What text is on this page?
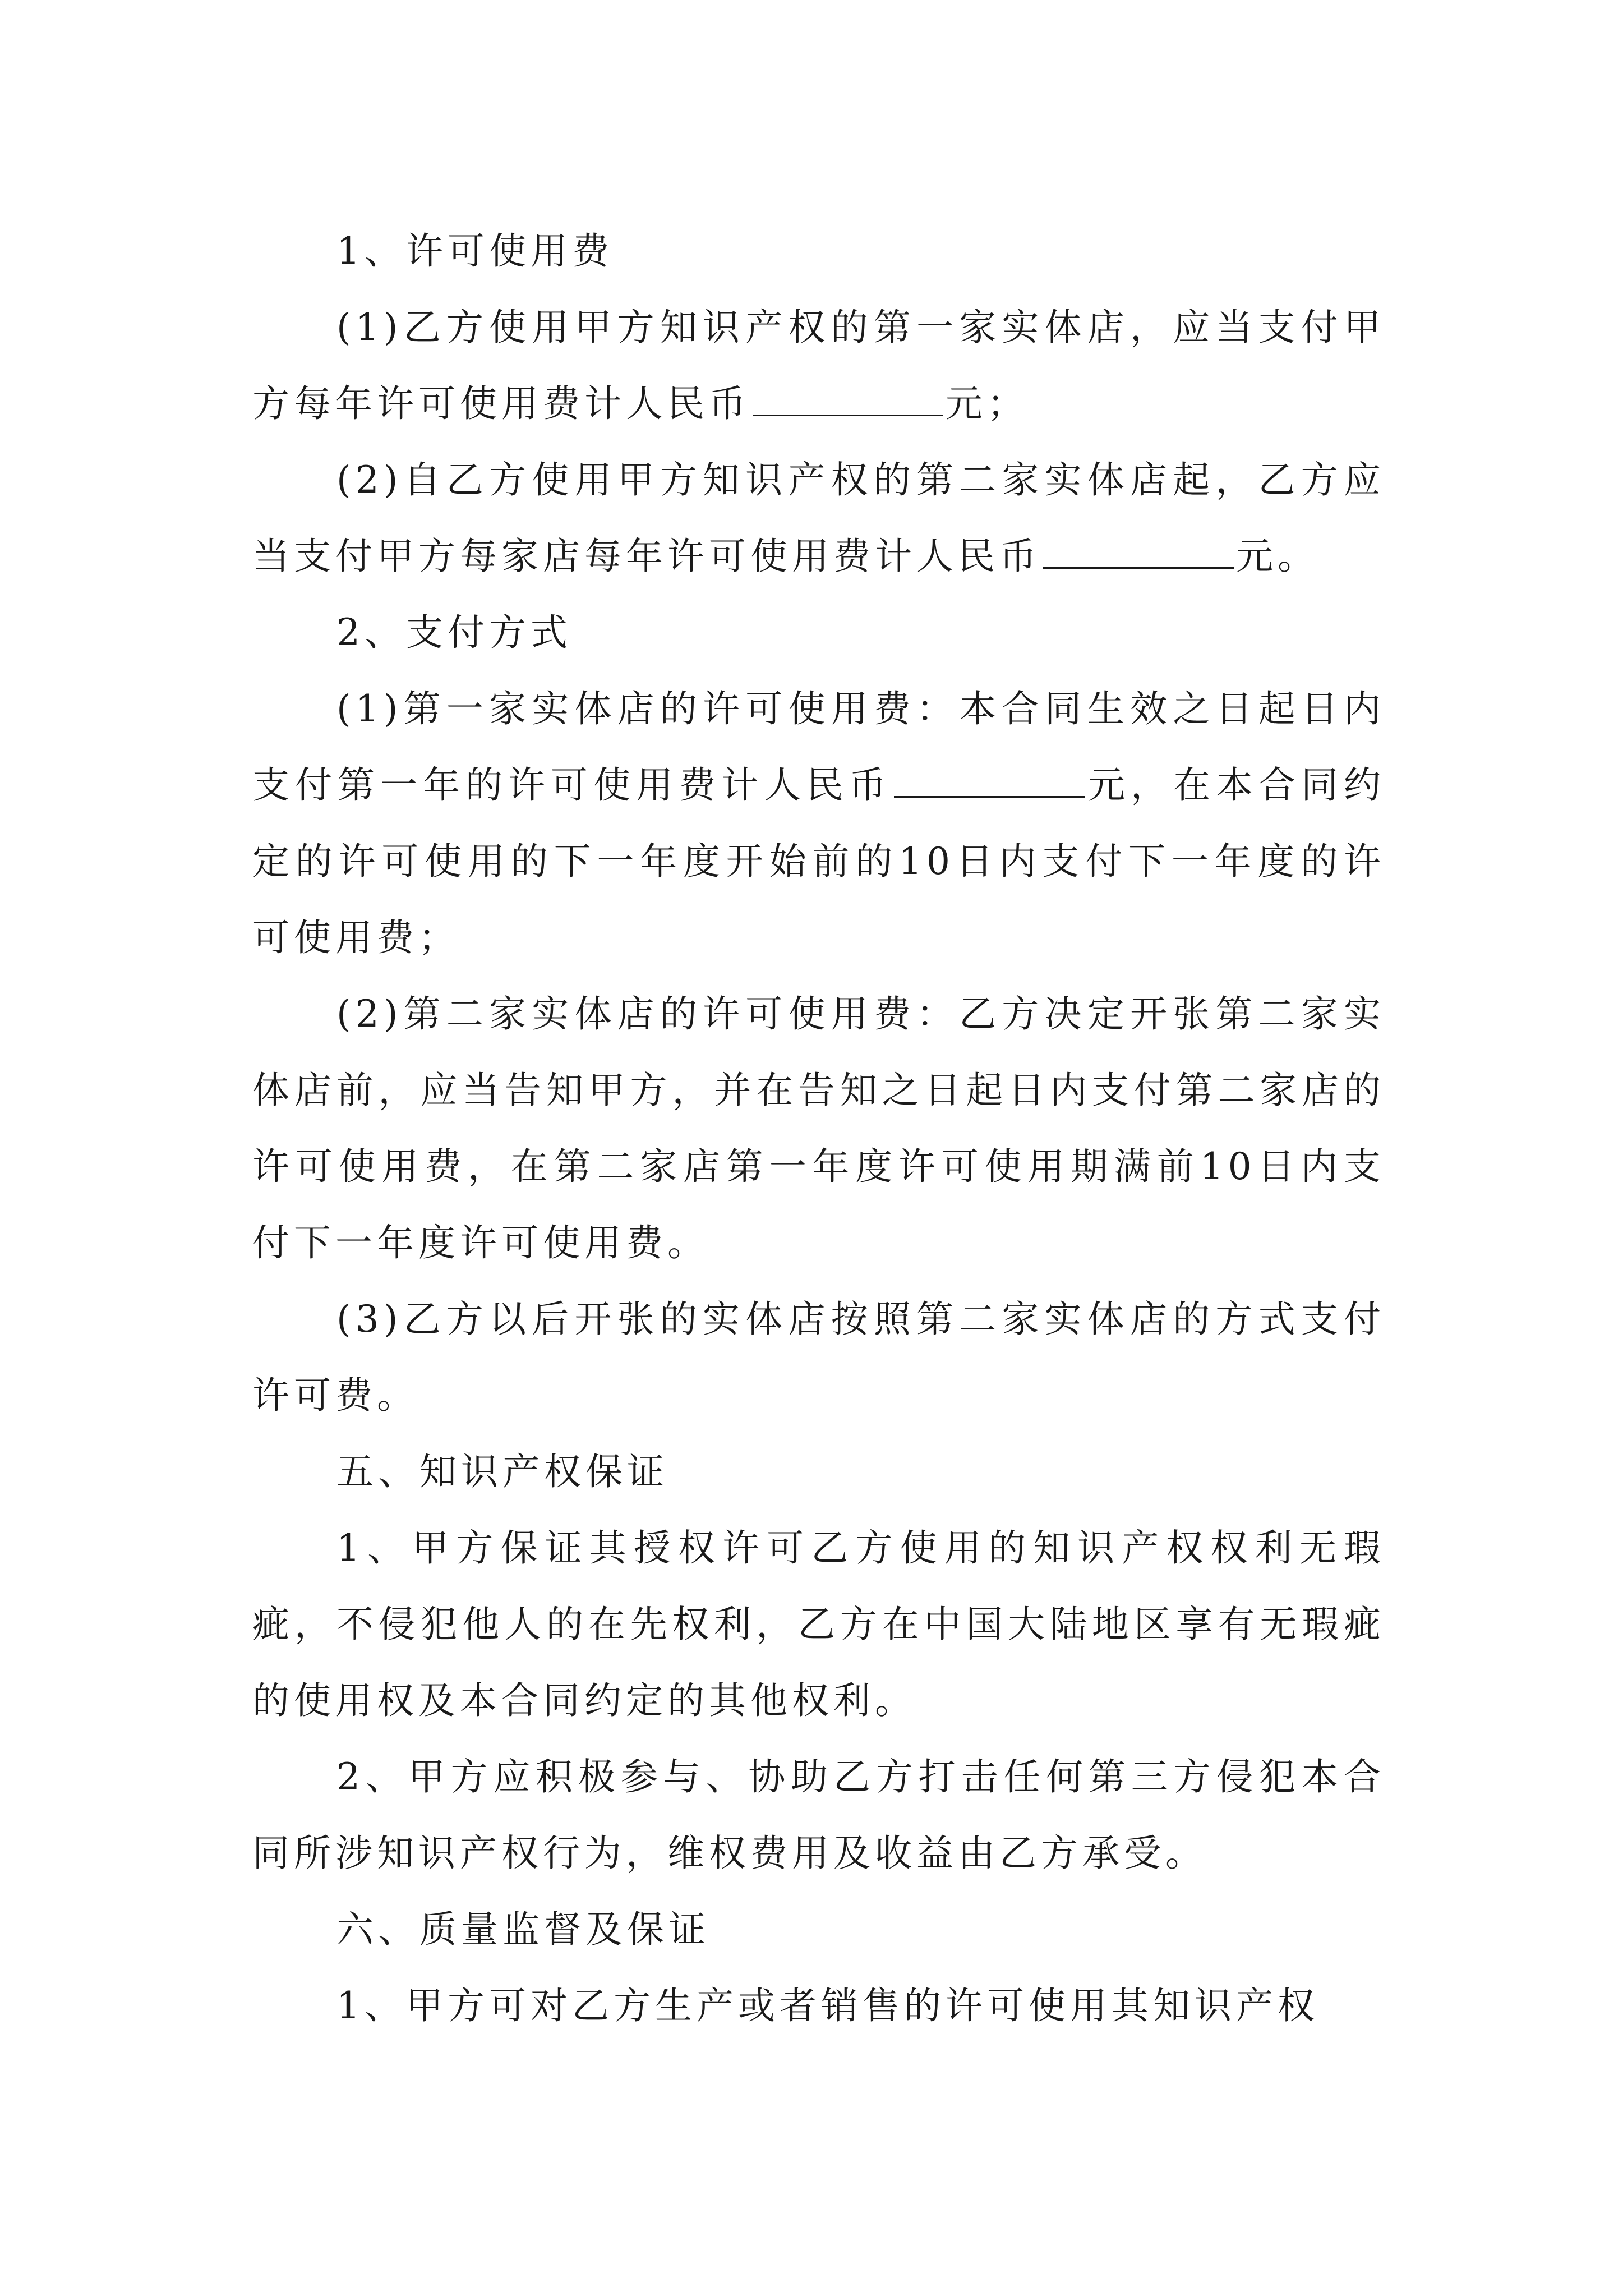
1、许可使用费

(1)乙方使用甲方知识产权的第一家实体店，应当支付甲方每年许可使用费计人民币	元；

(2)自乙方使用甲方知识产权的第二家实体店起，乙方应当支付甲方每家店每年许可使用费计人民币	元。

2、支付方式

(1)第一家实体店的许可使用费：本合同生效之日起日内支付第一年的许可使用费计人民币	元，在本合同约定的许可使用的下一年度开始前的10日内支付下一年度的许可使用费；

(2)第二家实体店的许可使用费：乙方决定开张第二家实体店前，应当告知甲方，并在告知之日起日内支付第二家店的许可使用费，在第二家店第一年度许可使用期满前10日内支付下一年度许可使用费。

(3)乙方以后开张的实体店按照第二家实体店的方式支付许可费。

五、知识产权保证

1、甲方保证其授权许可乙方使用的知识产权权利无瑕疵，不侵犯他人的在先权利，乙方在中国大陆地区享有无瑕疵的使用权及本合同约定的其他权利。

2、甲方应积极参与、协助乙方打击任何第三方侵犯本合同所涉知识产权行为，维权费用及收益由乙方承受。

六、质量监督及保证

1、甲方可对乙方生产或者销售的许可使用其知识产权
